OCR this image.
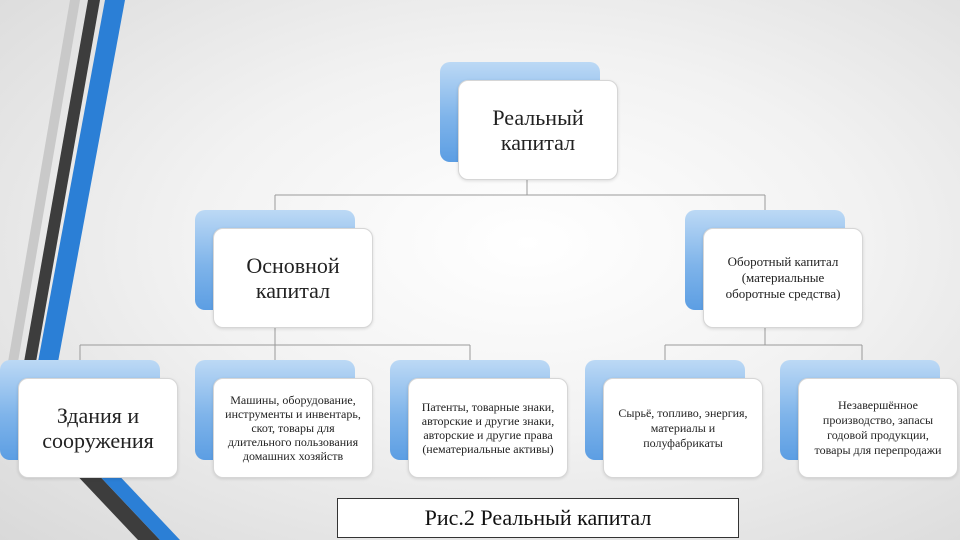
Реальный капитал
Основной капитал
Оборотный капитал (материальные оборотные средства)
Здания и сооружения
Машины, оборудование, инструменты и инвентарь, скот, товары для длительного пользования домашних хозяйств
Патенты, товарные знаки, авторские и другие знаки, авторские и другие права (нематериальные активы)
Сырьё, топливо, энергия, материалы и полуфабрикаты
Незавершённое производство, запасы годовой продукции, товары для перепродажи
Рис.2 Реальный капитал
